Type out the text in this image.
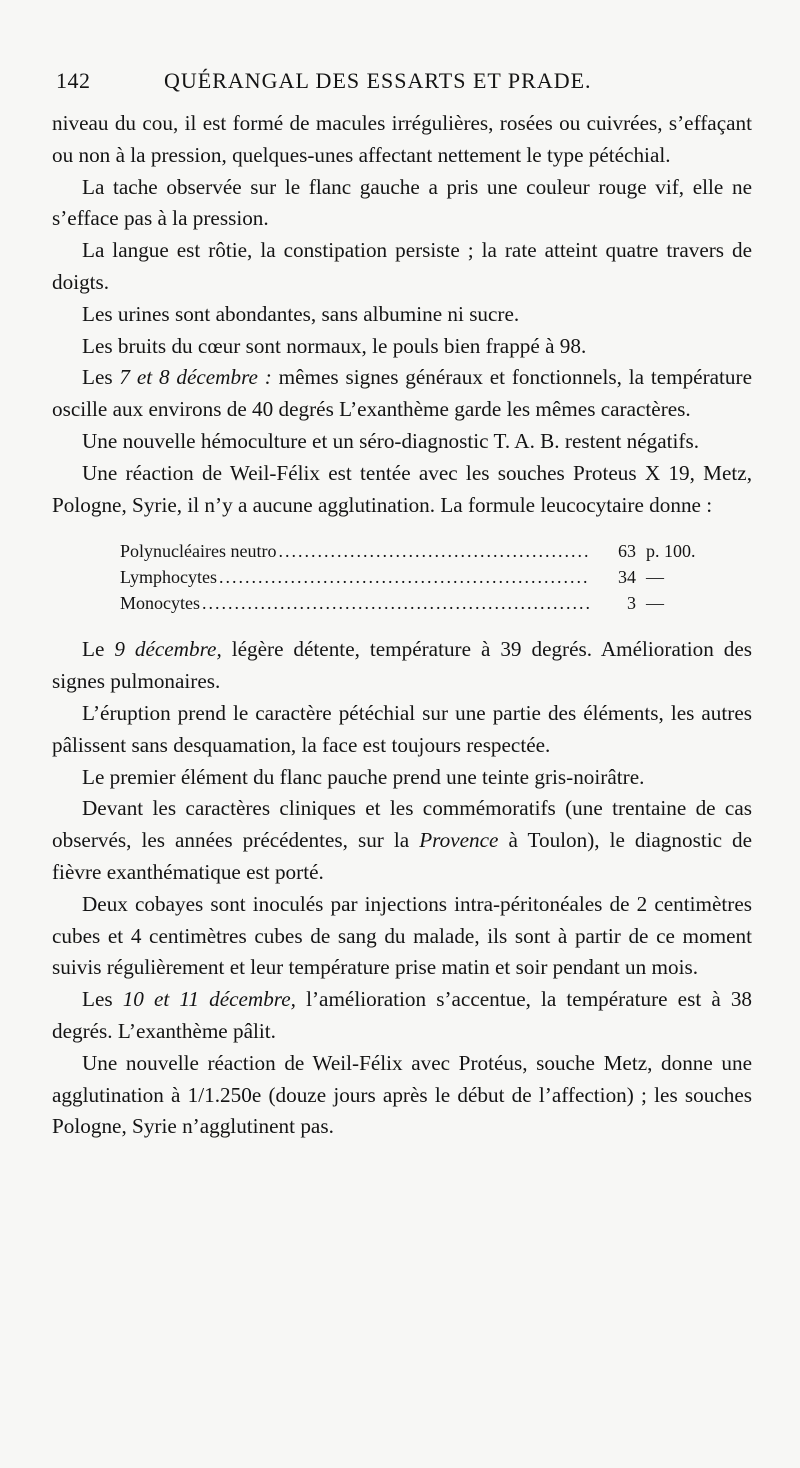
142	QUÉRANGAL DES ESSARTS ET PRADE.

niveau du cou, il est formé de macules irrégulières, rosées ou cuivrées, s’effaçant ou non à la pression, quelques-unes affectant nettement le type pétéchial.

La tache observée sur le flanc gauche a pris une couleur rouge vif, elle ne s’efface pas à la pression.

La langue est rôtie, la constipation persiste ; la rate atteint quatre travers de doigts.

Les urines sont abondantes, sans albumine ni sucre.

Les bruits du cœur sont normaux, le pouls bien frappé à 98.

Les 7 et 8 décembre : mêmes signes généraux et fonctionnels, la température oscille aux environs de 40 degrés L’exanthème garde les mêmes caractères.

Une nouvelle hémoculture et un séro-diagnostic T. A. B. restent négatifs.

Une réaction de Weil-Félix est tentée avec les souches Proteus X 19, Metz, Pologne, Syrie, il n’y a aucune agglutination. La formule leucocytaire donne :

Polynucléaires neutro .....	63 p. 100.
Lymphocytes .....	34 —
Monocytes .....	3 —

Le 9 décembre, légère détente, température à 39 degrés. Amélioration des signes pulmonaires.

L’éruption prend le caractère pétéchial sur une partie des éléments, les autres pâlissent sans desquamation, la face est toujours respectée.

Le premier élément du flanc pauche prend une teinte gris-noirâtre.

Devant les caractères cliniques et les commémoratifs (une trentaine de cas observés, les années précédentes, sur la Provence à Toulon), le diagnostic de fièvre exanthématique est porté.

Deux cobayes sont inoculés par injections intra-péritonéales de 2 centimètres cubes et 4 centimètres cubes de sang du malade, ils sont à partir de ce moment suivis régulièrement et leur température prise matin et soir pendant un mois.

Les 10 et 11 décembre, l’amélioration s’accentue, la température est à 38 degrés. L’exanthème pâlit.

Une nouvelle réaction de Weil-Félix avec Protéus, souche Metz, donne une agglutination à 1/1.250e (douze jours après le début de l’affection) ; les souches Pologne, Syrie n’agglutinent pas.
